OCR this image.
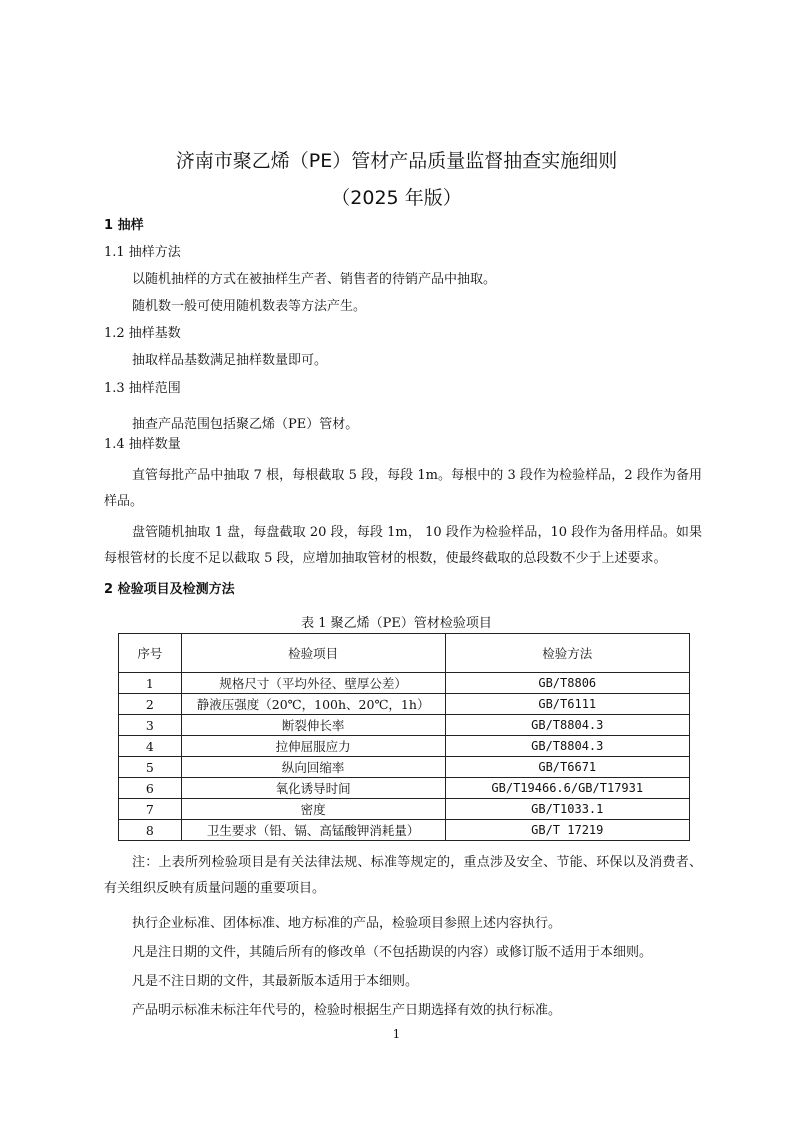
济南市聚乙烯（PE）管材产品质量监督抽查实施细则
（2025 年版）
1 抽样
1.1 抽样方法
以随机抽样的方式在被抽样生产者、销售者的待销产品中抽取。
随机数一般可使用随机数表等方法产生。
1.2 抽样基数
抽取样品基数满足抽样数量即可。
1.3 抽样范围
抽查产品范围包括聚乙烯（PE）管材。
1.4 抽样数量
直管每批产品中抽取 7 根，每根截取 5 段，每段 1m。每根中的 3 段作为检验样品，2 段作为备用样品。
盘管随机抽取 1 盘，每盘截取 20 段，每段 1m， 10 段作为检验样品，10 段作为备用样品。如果每根管材的长度不足以截取 5 段，应增加抽取管材的根数，使最终截取的总段数不少于上述要求。
2 检验项目及检测方法
表 1 聚乙烯（PE）管材检验项目
序号	检验项目	检验方法
1	规格尺寸（平均外径、壁厚公差）	GB/T8806
2	静液压强度（20℃，100h、20℃，1h）	GB/T6111
3	断裂伸长率	GB/T8804.3
4	拉伸屈服应力	GB/T8804.3
5	纵向回缩率	GB/T6671
6	氧化诱导时间	GB/T19466.6/GB/T17931
7	密度	GB/T1033.1
8	卫生要求（铅、镉、高锰酸钾消耗量）	GB/T 17219
注：上表所列检验项目是有关法律法规、标准等规定的，重点涉及安全、节能、环保以及消费者、有关组织反映有质量问题的重要项目。
执行企业标准、团体标准、地方标准的产品，检验项目参照上述内容执行。
凡是注日期的文件，其随后所有的修改单（不包括勘误的内容）或修订版不适用于本细则。
凡是不注日期的文件，其最新版本适用于本细则。
产品明示标准未标注年代号的，检验时根据生产日期选择有效的执行标准。
1
